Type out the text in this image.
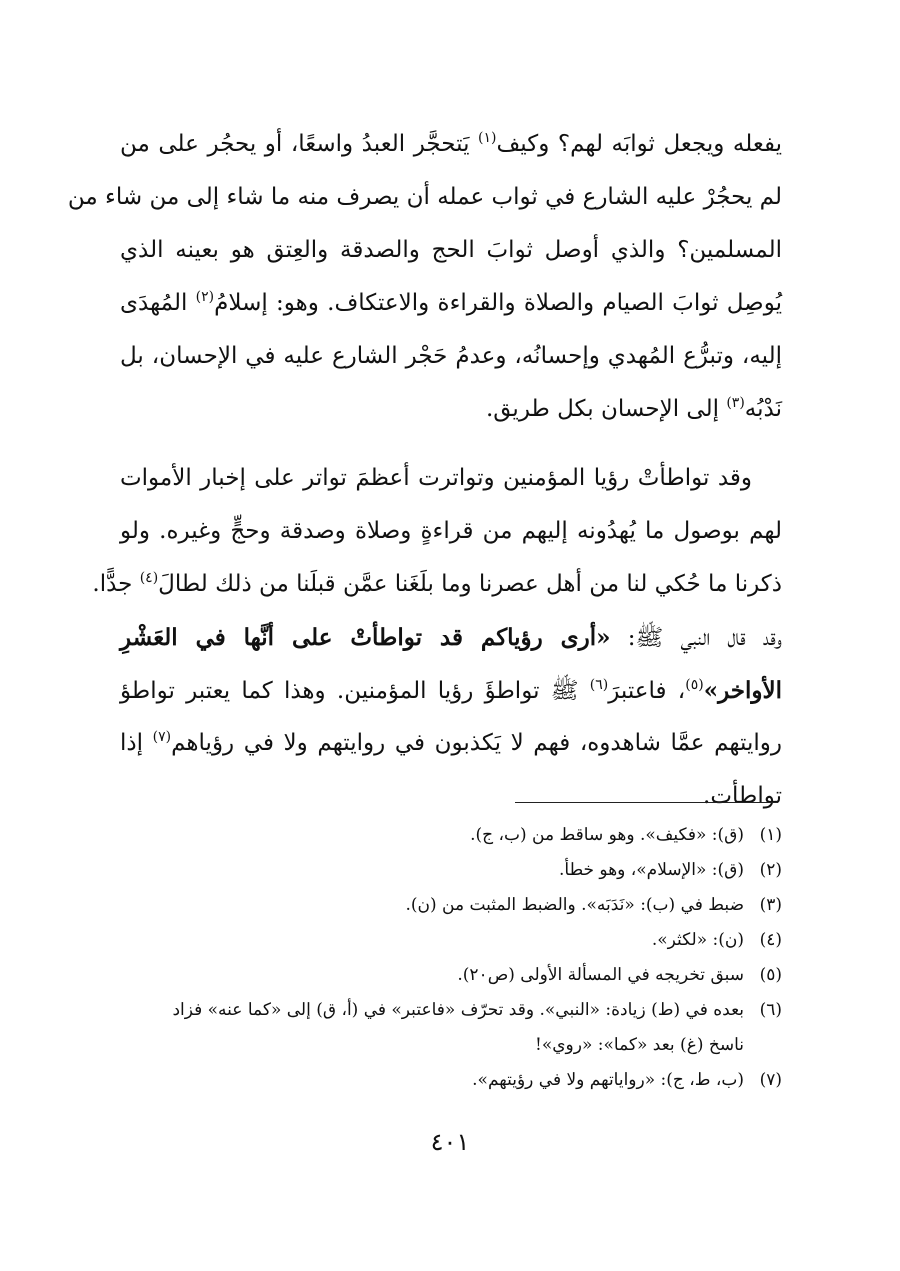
يفعله ويجعل ثوابَه لهم؟ وكيف$^{(١)}$ يَتحجَّر العبدُ واسعًا، أو يحجُر على من
لم يحجُرْ عليه الشارع في ثواب عمله أن يصرف منه ما شاء إلى من شاء من
المسلمين؟ والذي أوصل ثوابَ الحج والصدقة والعِتق هو بعينه الذي
يُوصِل ثوابَ الصيام والصلاة والقراءة والاعتكاف. وهو: إسلامُ$^{(٢)}$ المُهدَى
إليه، وتبرُّع المُهدي وإحسانُه، وعدمُ حَجْر الشارع عليه في الإحسان، بل
نَدْبُه$^{(٣)}$ إلى الإحسان بكل طريق.
وقد تواطأتْ رؤيا المؤمنين وتواترت أعظمَ تواتر على إخبار الأموات
لهم بوصول ما يُهدُونه إليهم من قراءةٍ وصلاة وصدقة وحجٍّ وغيره. ولو
ذكرنا ما حُكي لنا من أهل عصرنا وما بلَغَنا عمَّن قبلَنا من ذلك لطالَ$^{(٤)}$ جدًّا.
وقد قال النبي ﷺ: «أرى رؤياكم قد تواطأتْ على أنَّها في العَشْرِ
الأواخر»$^{(٥)}$، فاعتبرَ$^{(٦)}$ ﷺ تواطؤَ رؤيا المؤمنين. وهذا كما يعتبر تواطؤ
روايتهم عمَّا شاهدوه، فهم لا يَكذبون في روايتهم ولا في رؤياهم$^{(٧)}$ إذا
تواطأت.
(١)
(ق): «فكيف». وهو ساقط من (ب، ج).
(٢)
(ق): «الإسلام»، وهو خطأ.
(٣)
ضبط في (ب): «نَدَبَه». والضبط المثبت من (ن).
(٤)
(ن): «لكثر».
(٥)
سبق تخريجه في المسألة الأولى (ص٢٠).
(٦)
بعده في (ط) زيادة: «النبي». وقد تحرّف «فاعتبر» في (أ، ق) إلى «كما عنه» فزاد
ناسخ (غ) بعد «كما»: «روي»!
(٧)
(ب، ط، ج): «رواياتهم ولا في رؤيتهم».
٤٠١
